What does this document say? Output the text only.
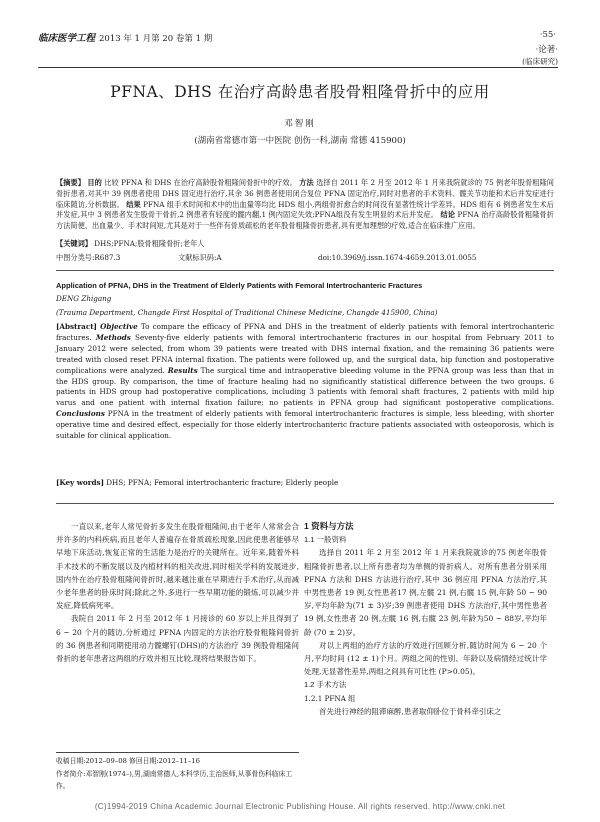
临床医学工程 2013 年 1 月第 20 卷第 1 期	·55·
·论著·
(临床研究)
PFNA、DHS 在治疗高龄患者股骨粗隆骨折中的应用
邓智刚
(湖南省常德市第一中医院 创伤一科,湖南 常德 415900)
【摘要】 目的 比较 PFNA 和 DHS 在治疗高龄股骨粗隆间骨折中的疗效。 方法 选择自 2011 年 2 月至 2012 年 1 月来我院就诊的 75 例老年股骨粗隆间骨折患者,对其中 39 例患者使用 DHS 固定进行治疗,其余 36 例患者使用闭合复位 PFNA 固定治疗,同时对患者的手术资料、髋关节功能和术后并发症进行临床随访,分析数据。 结果 PFNA 组手术时间和术中的出血量等均比 HDS 组小,两组骨折愈合的时间没有显著性统计学差异。HDS 组有 6 例患者发生术后并发症,其中 3 例患者发生股骨干骨折,2 例患者有轻度的髋内翻,1 例内固定失效;PFNA组没有发生明显的术后并发症。 结论 PFNA 治疗高龄股骨粗隆骨折方法简便、出血量少、手术时间短,尤其是对于一些伴有骨质疏松的老年股骨粗隆骨折患者,具有更加理想的疗效,适合在临床推广应用。
【关键词】 DHS;PFNA;股骨粗隆骨折;老年人
中图分类号:R687.3	文献标识码:A	doi:10.3969/j.issn.1674-4659.2013.01.0055
Application of PFNA, DHS in the Treatment of Elderly Patients with Femoral Intertrochanteric Fractures
DENG Zhigang
(Trauma Department, Changde First Hospital of Traditional Chinese Medicine, Changde 415900, China)
[Abstract] Objective To compare the efficacy of PFNA and DHS in the treatment of elderly patients with femoral intertrochanteric fractures. Methods Seventy-five elderly patients with femoral intertrochanteric fractures in our hospital from February 2011 to January 2012 were selected, from whom 39 patients were treated with DHS internal fixation, and the remaining 36 patients were treated with closed reset PFNA internal fixation. The patients were followed up, and the surgical data, hip function and postoperative complications were analyzed. Results The surgical time and intraoperative bleeding volume in the PFNA group was less than that in the HDS group. By comparison, the time of fracture healing had no significantly statistical difference between the two groups. 6 patients in HDS group had postoperative complications, including 3 patients with femoral shaft fractures, 2 patients with mild hip varus and one patient with internal fixation failure; no patients in PFNA group had significant postoperative complications. Conclusions PFNA in the treatment of elderly patients with femoral intertrochanteric fractures is simple, less bleeding, with shorter operative time and desired effect, especially for those elderly intertrochanteric fracture patients associated with osteoporosis, which is suitable for clinical application.
[Key words] DHS; PFNA; Femoral intertrochanteric fracture; Elderly people

一直以来,老年人常见骨折多发生在股骨粗隆间,由于老年人常常会合并许多的内科疾病,而且老年人普遍存在骨质疏松现象,因此使患者能够尽早地下床活动,恢复正常的生活能力是治疗的关键所在。近年来,随着外科手术技术的不断发展以及内植材料的相关改进,同时相关学科的发展进步,国内外在治疗股骨粗隆间骨折时,越来越注重在早期进行手术治疗,从而减少老年患者的卧床时间;除此之外,多进行一些早期功能的锻炼,可以减少并发症,降低病死率。

我院自 2011 年 2 月至 2012 年 1 月接诊的 60 岁以上并且得到了 6 ~ 20 个月的随访,分析通过 PFNA 内固定的方法治疗股骨粗隆间骨折的 36 例患者和同期使用动力髋螺钉(DHS)的方法治疗 39 例股骨粗隆间骨折的老年患者这两组的疗效并相互比较,现将结果报告如下。

收稿日期:2012–09–08 修回日期:2012–11–16
作者简介:邓智刚(1974–),男,湖南常德人,本科学历,主治医师,从事骨伤科临床工作。

1 资料与方法

1.1 一般资料

选择自 2011 年 2 月至 2012 年 1 月来我院就诊的75 例老年股骨粗隆骨折患者,以上所有患者均为单侧的骨折病人。对所有患者分别采用 PFNA 方法和 DHS 方法进行治疗,其中 36 例应用 PFNA 方法治疗,其中男性患者 19 例,女性患者17 例,左髋 21 例,右髋 15 例,年龄 50 ~ 90 岁,平均年龄为(71 ± 3)岁;39 例患者使用 DHS 方法治疗,其中男性患者 19 例,女性患者 20 例,左髋 16 例,右髋 23 例,年龄为50 ~ 88岁,平均年龄 (70 ± 2)岁。

对以上两组的治疗方法的疗效进行回顾分析,随访时间为 6 ~ 20 个月,平均时间 (12 ± 1)个月。两组之间的性别、年龄以及病情经过统计学处理,无显著性差异,两组之间具有可比性 (P>0.05)。

1.2 手术方法

1.2.1 PFNA 组

首先进行神经的阻滞麻醉,患者取仰卧位于骨科牵引床之

(C)1994-2019 China Academic Journal Electronic Publishing House. All rights reserved. http://www.cnki.net
